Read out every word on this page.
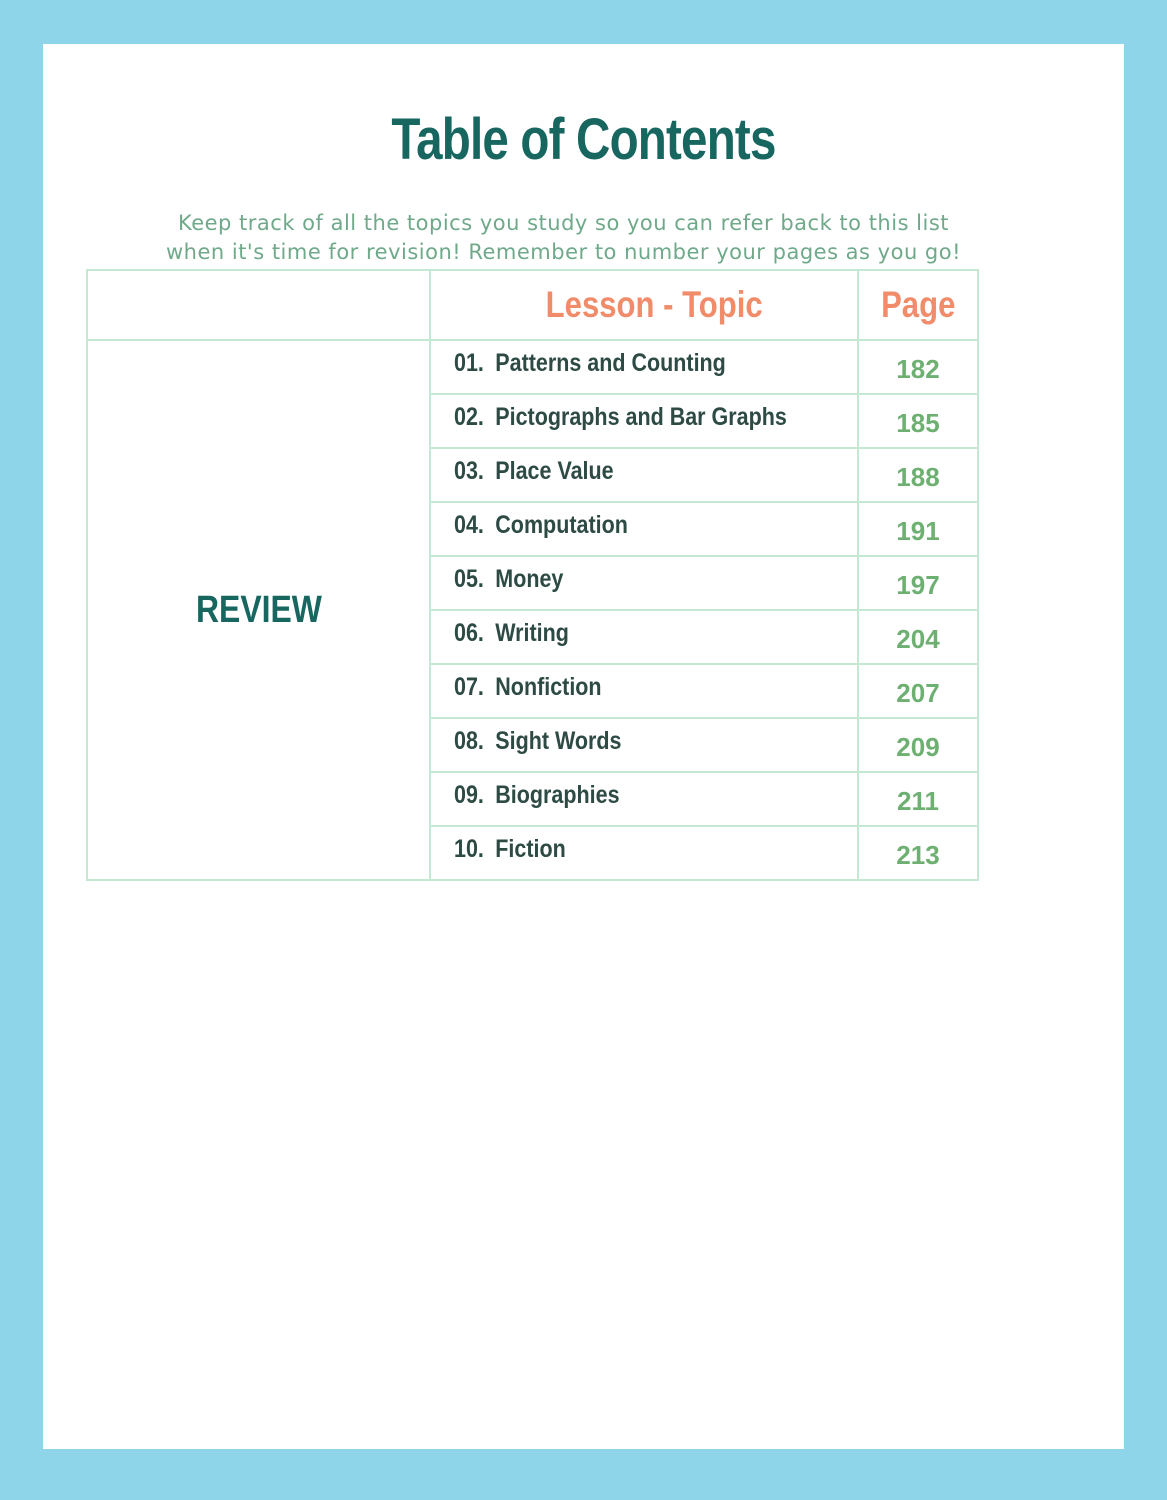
Table of Contents
Keep track of all the topics you study so you can refer back to this list
when it's time for revision! Remember to number your pages as you go!
	Lesson - Topic	Page
REVIEW	01. Patterns and Counting	182
	02. Pictographs and Bar Graphs	185
	03. Place Value	188
	04. Computation	191
	05. Money	197
	06. Writing	204
	07. Nonfiction	207
	08. Sight Words	209
	09. Biographies	211
	10. Fiction	213
